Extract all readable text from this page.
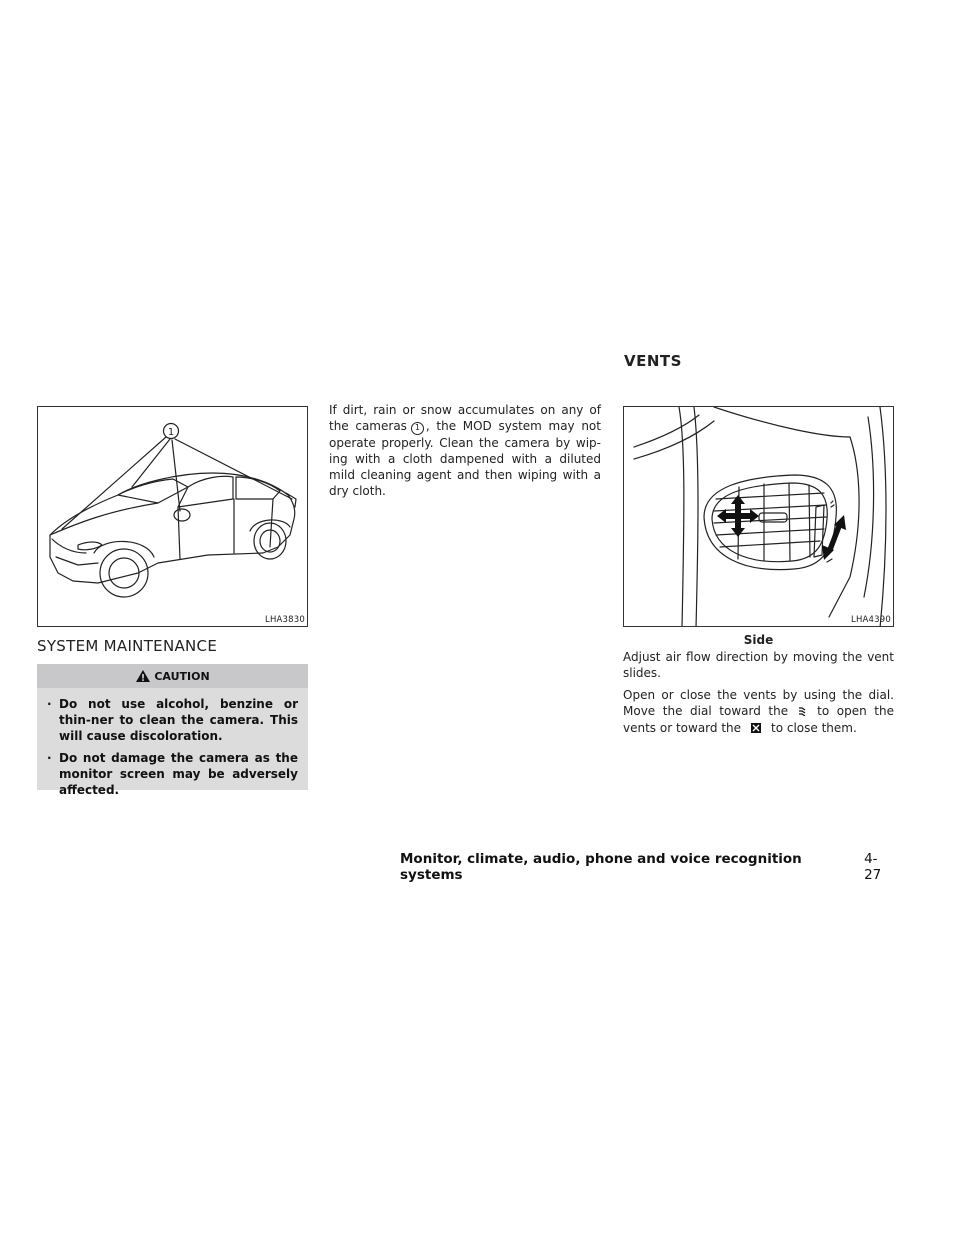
VENTS
1
LHA3830
SYSTEM MAINTENANCE
CAUTION
· Do not use alcohol, benzine or thin-ner to clean the camera. This will cause discoloration.
· Do not damage the camera as the monitor screen may be adversely affected.
If dirt, rain or snow accumulates on any of the cameras 1 , the MOD system may not operate properly. Clean the camera by wip-ing with a cloth dampened with a diluted mild cleaning agent and then wiping with a dry cloth.
LHA4390
Side
Adjust air flow direction by moving the vent slides.
Open or close the vents by using the dial. Move the dial toward the to open the vents or toward the	to close them.
Monitor, climate, audio, phone and voice recognition systems
4-27
